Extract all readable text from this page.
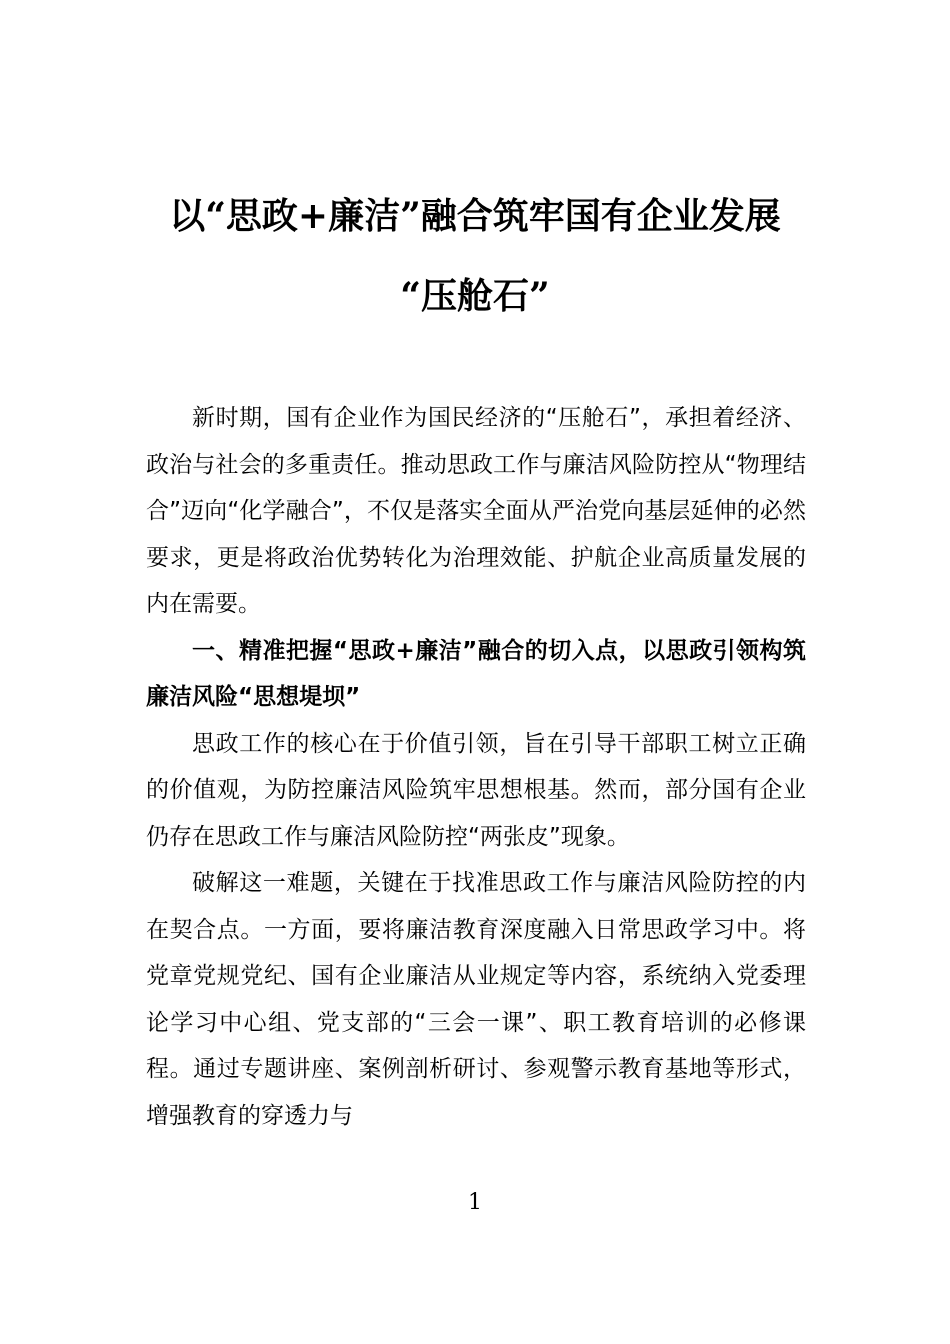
以“思政+廉洁”融合筑牢国有企业发展
“压舱石”

新时期，国有企业作为国民经济的“压舱石”，承担着经济、政治与社会的多重责任。推动思政工作与廉洁风险防控从“物理结合”迈向“化学融合”，不仅是落实全面从严治党向基层延伸的必然要求，更是将政治优势转化为治理效能、护航企业高质量发展的内在需要。

一、精准把握“思政+廉洁”融合的切入点，以思政引领构筑廉洁风险“思想堤坝”

思政工作的核心在于价值引领，旨在引导干部职工树立正确的价值观，为防控廉洁风险筑牢思想根基。然而，部分国有企业仍存在思政工作与廉洁风险防控“两张皮”现象。

破解这一难题，关键在于找准思政工作与廉洁风险防控的内在契合点。一方面，要将廉洁教育深度融入日常思政学习中。将党章党规党纪、国有企业廉洁从业规定等内容，系统纳入党委理论学习中心组、党支部的“三会一课”、职工教育培训的必修课程。通过专题讲座、案例剖析研讨、参观警示教育基地等形式，增强教育的穿透力与

1
